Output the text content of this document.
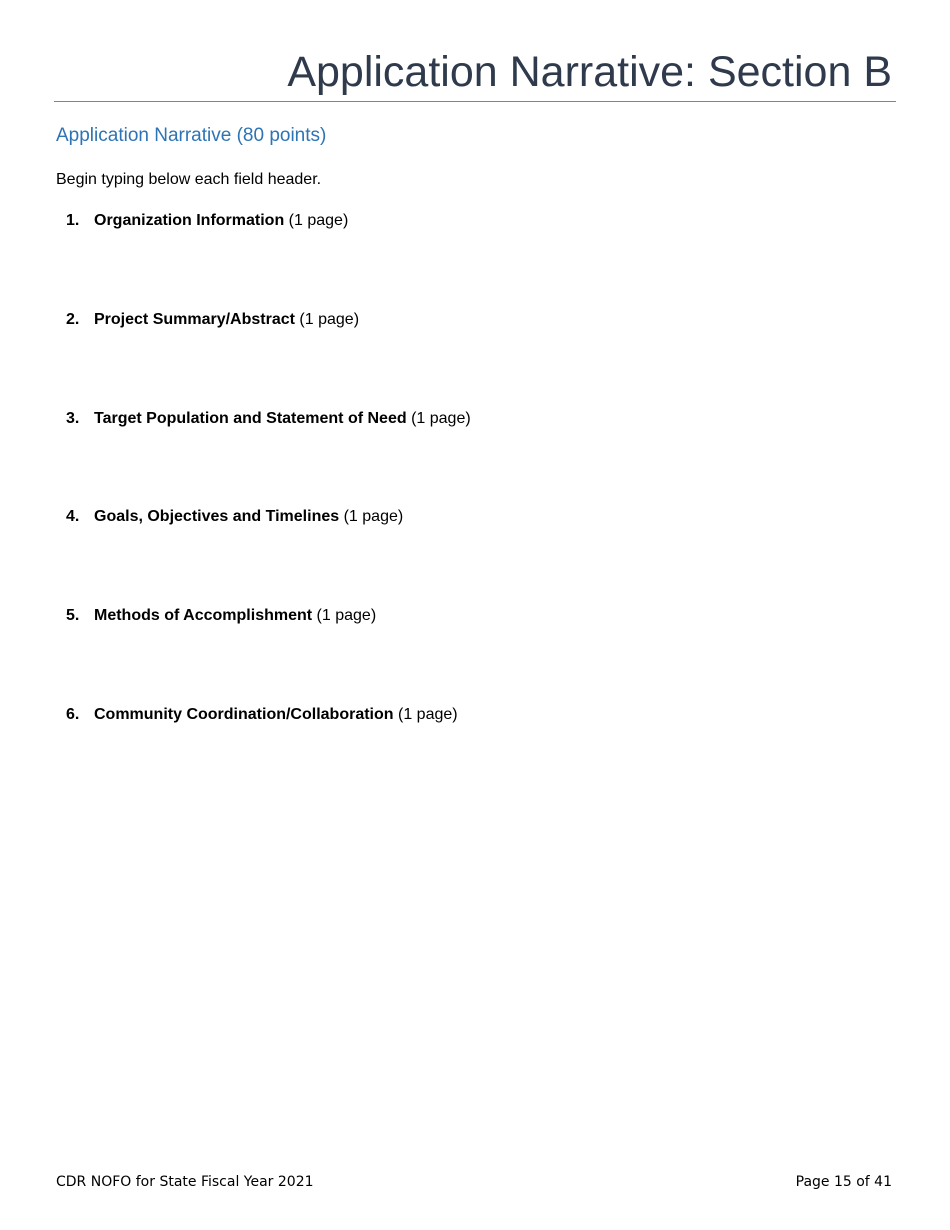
Application Narrative: Section B
Application Narrative (80 points)
Begin typing below each field header.
1. Organization Information (1 page)
2. Project Summary/Abstract (1 page)
3. Target Population and Statement of Need (1 page)
4. Goals, Objectives and Timelines (1 page)
5. Methods of Accomplishment (1 page)
6. Community Coordination/Collaboration (1 page)
CDR NOFO for State Fiscal Year 2021	Page 15 of 41
